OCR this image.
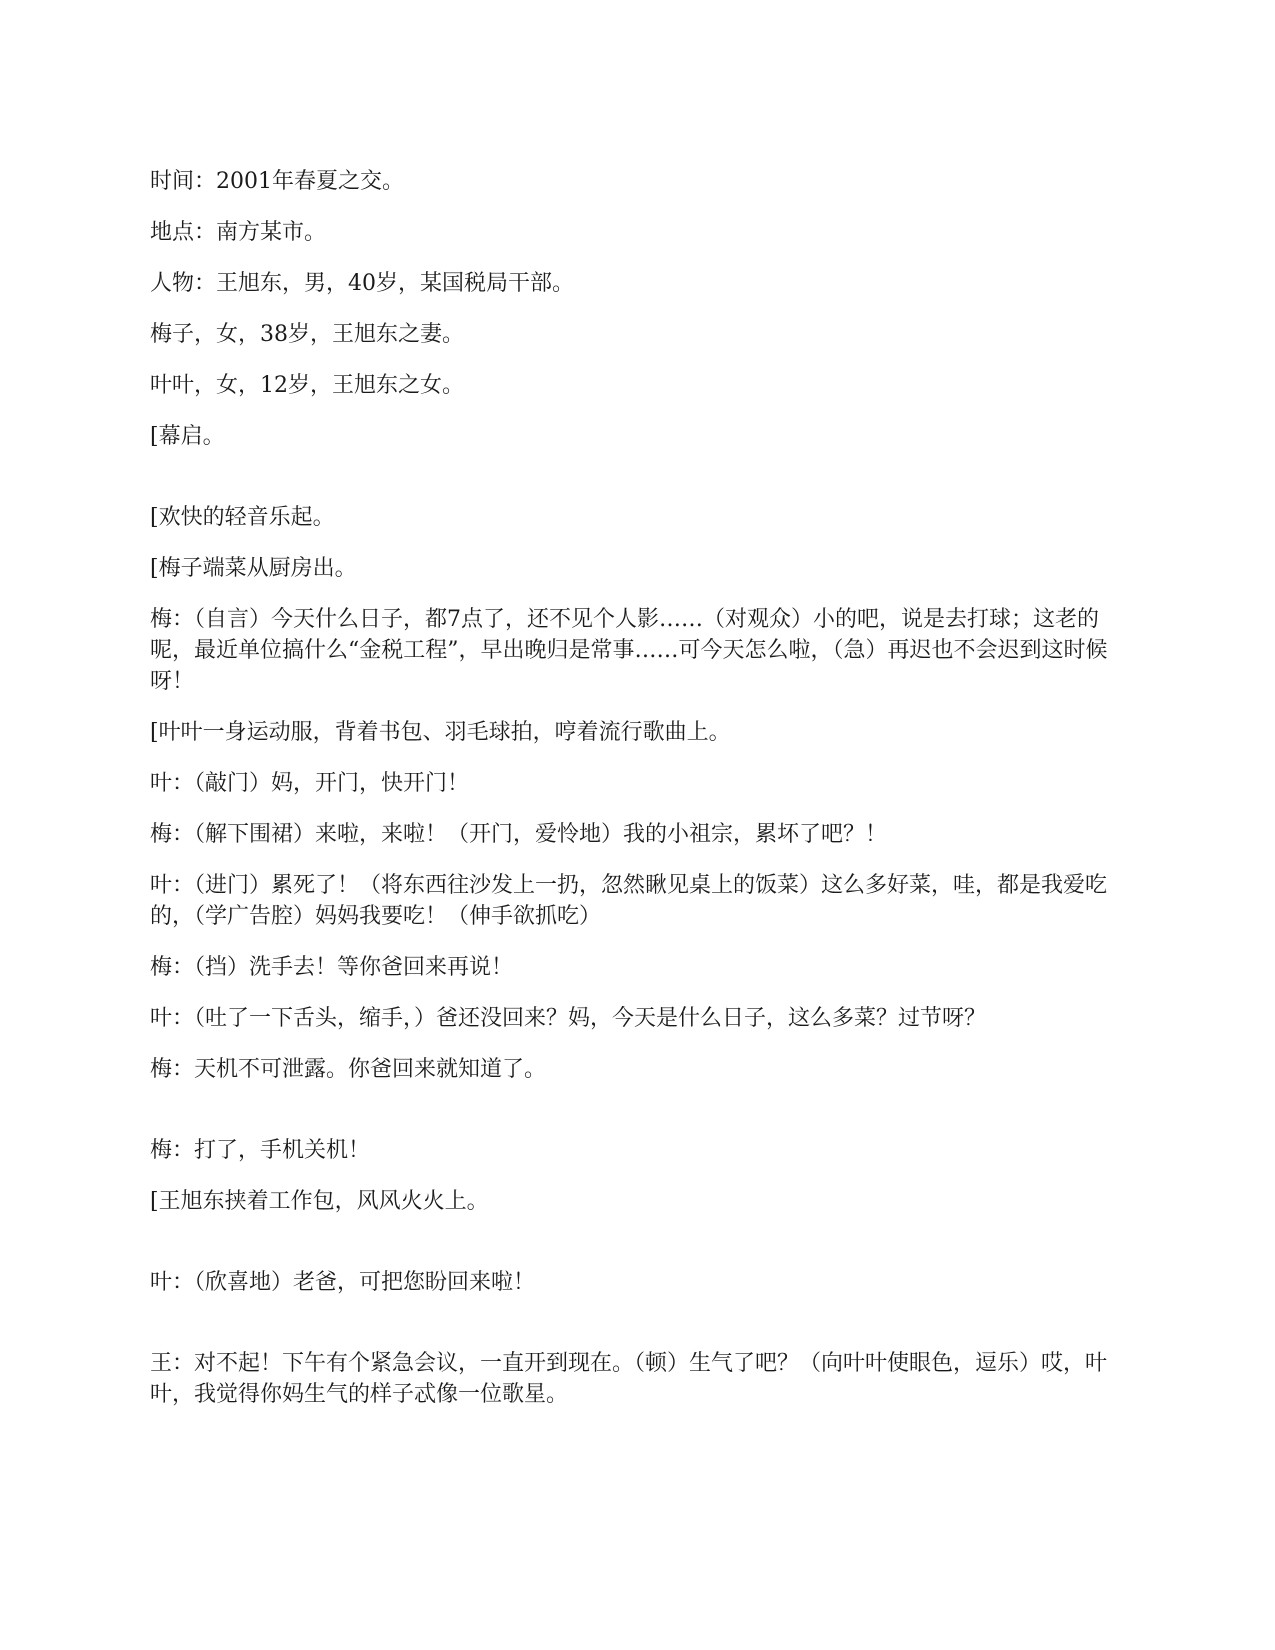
时间：2001年春夏之交。

地点：南方某市。

人物：王旭东，男，40岁，某国税局干部。

梅子，女，38岁，王旭东之妻。

叶叶，女，12岁，王旭东之女。

[幕启。

[欢快的轻音乐起。

[梅子端菜从厨房出。

梅：（自言）今天什么日子，都7点了，还不见个人影……（对观众）小的吧，说是去打球；这老的呢，最近单位搞什么“金税工程”，早出晚归是常事……可今天怎么啦，（急）再迟也不会迟到这时候呀！

[叶叶一身运动服，背着书包、羽毛球拍，哼着流行歌曲上。

叶：（敲门）妈，开门，快开门！

梅：（解下围裙）来啦，来啦！（开门，爱怜地）我的小祖宗，累坏了吧？！

叶：（进门）累死了！（将东西往沙发上一扔，忽然瞅见桌上的饭菜）这么多好菜，哇，都是我爱吃的，（学广告腔）妈妈我要吃！（伸手欲抓吃）

梅：（挡）洗手去！等你爸回来再说！

叶：（吐了一下舌头，缩手，）爸还没回来？妈，今天是什么日子，这么多菜？过节呀？

梅：天机不可泄露。你爸回来就知道了。

梅：打了，手机关机！

[王旭东挟着工作包，风风火火上。

叶：（欣喜地）老爸，可把您盼回来啦！

王：对不起！下午有个紧急会议，一直开到现在。（顿）生气了吧？（向叶叶使眼色，逗乐）哎，叶叶，我觉得你妈生气的样子忒像一位歌星。
